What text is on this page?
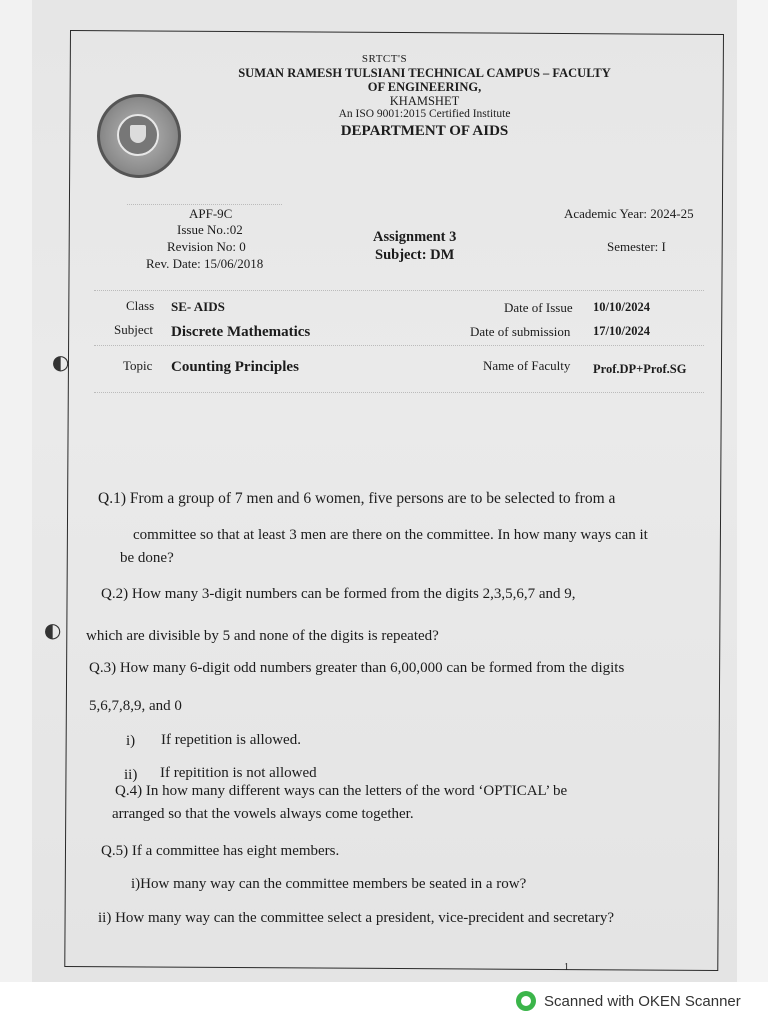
SRTCT'S
SUMAN RAMESH TULSIANI TECHNICAL CAMPUS – FACULTY
OF ENGINEERING,
KHAMSHET
An ISO 9001:2015 Certified Institute
DEPARTMENT OF AIDS
APF-9C
Issue No.:02
Revision No: 0
Rev. Date: 15/06/2018
Assignment 3
Subject: DM
Academic Year: 2024-25
Semester: I
Class SE- AIDS
Subject Discrete Mathematics
Topic Counting Principles
Date of Issue 10/10/2024
Date of submission 17/10/2024
Name of Faculty Prof.DP+Prof.SG
Q.1) From a group of 7 men and 6 women, five persons are to be selected to from a
committee so that at least 3 men are there on the committee. In how many ways can it
be done?
Q.2) How many 3-digit numbers can be formed from the digits 2,3,5,6,7 and 9,
which are divisible by 5 and none of the digits is repeated?
Q.3) How many 6-digit odd numbers greater than 6,00,000 can be formed from the digits
5,6,7,8,9, and 0
i) If repetition is allowed.
ii) If repitition is not allowed
Q.4) In how many different ways can the letters of the word ‘OPTICAL’ be
arranged so that the vowels always come together.
Q.5) If a committee has eight members.
i)How many way can the committee members be seated in a row?
ii) How many way can the committee select a president, vice-precident and secretary?
1
◐
◐
Scanned with OKEN Scanner
